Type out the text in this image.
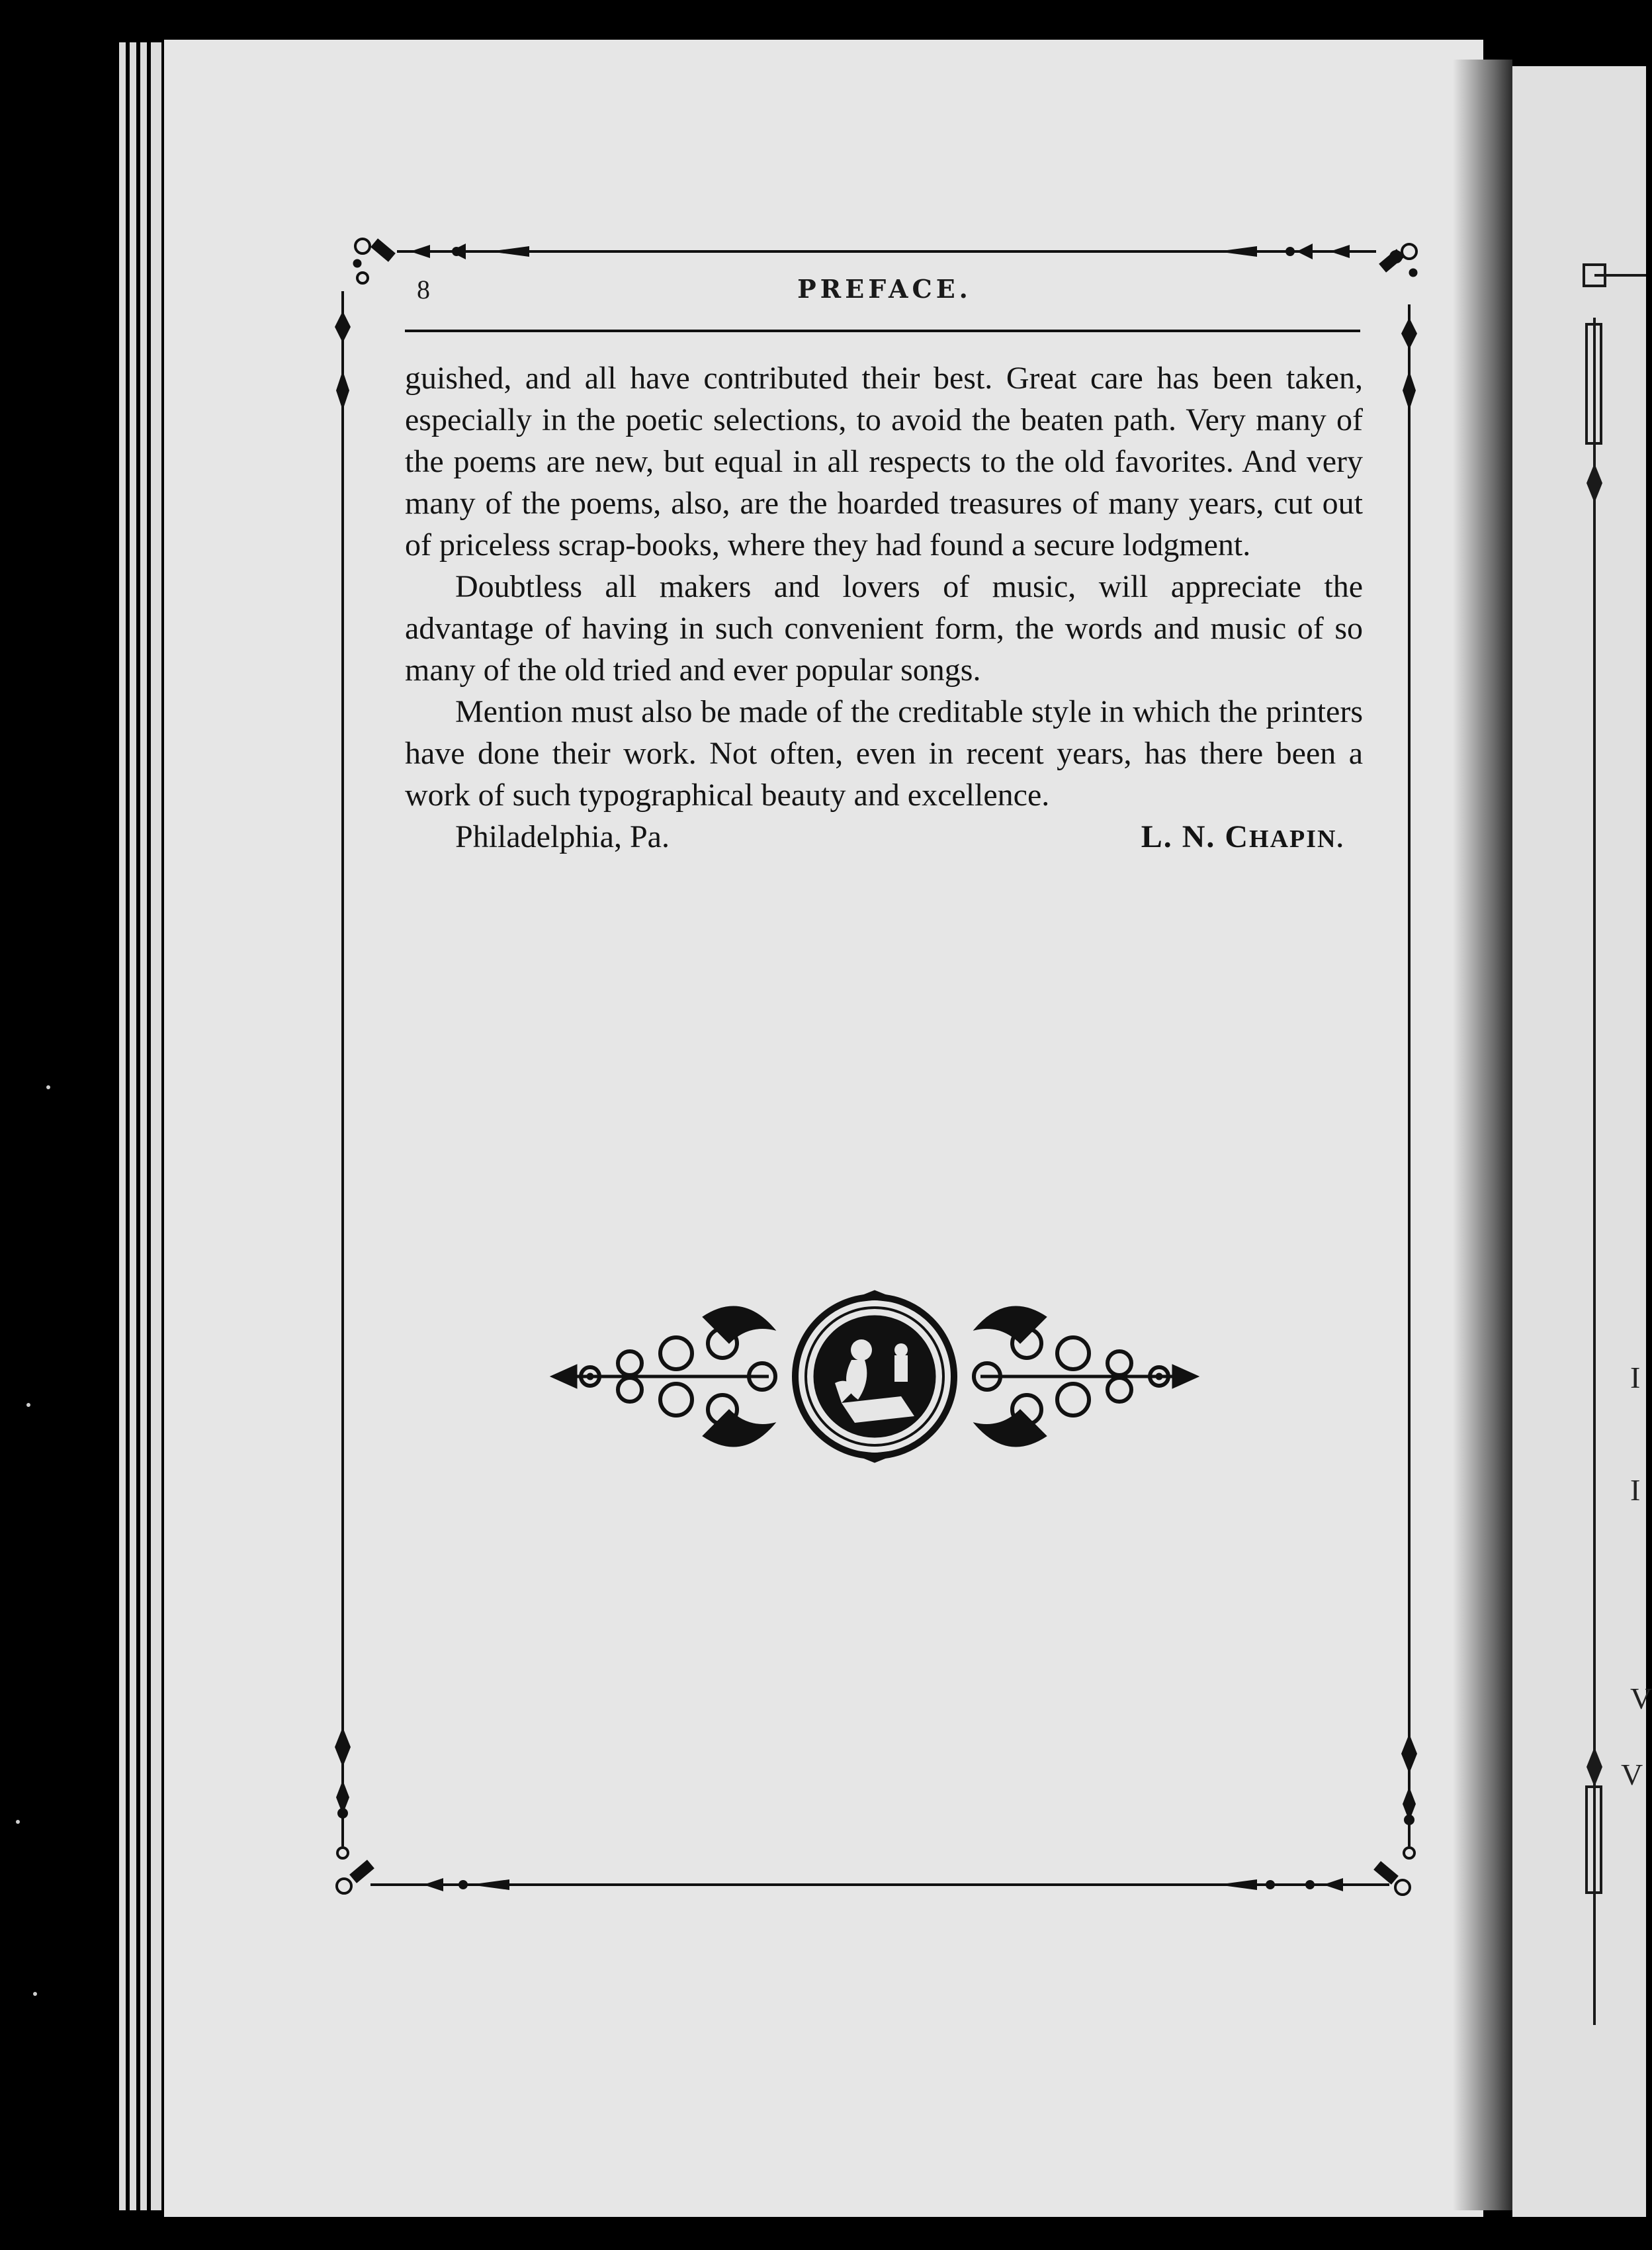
I
I
V
V
8	PREFACE.

guished, and all have contributed their best. Great care has been taken, especially in the poetic selections, to avoid the beaten path. Very many of the poems are new, but equal in all respects to the old favorites. And very many of the poems, also, are the hoarded treasures of many years, cut out of priceless scrap-books, where they had found a secure lodgment.

Doubtless all makers and lovers of music, will appreciate the advantage of having in such convenient form, the words and music of so many of the old tried and ever popular songs.

Mention must also be made of the creditable style in which the printers have done their work. Not often, even in recent years, has there been a work of such typographical beauty and excellence.

Philadelphia, Pa.	L. N. CHAPIN.
